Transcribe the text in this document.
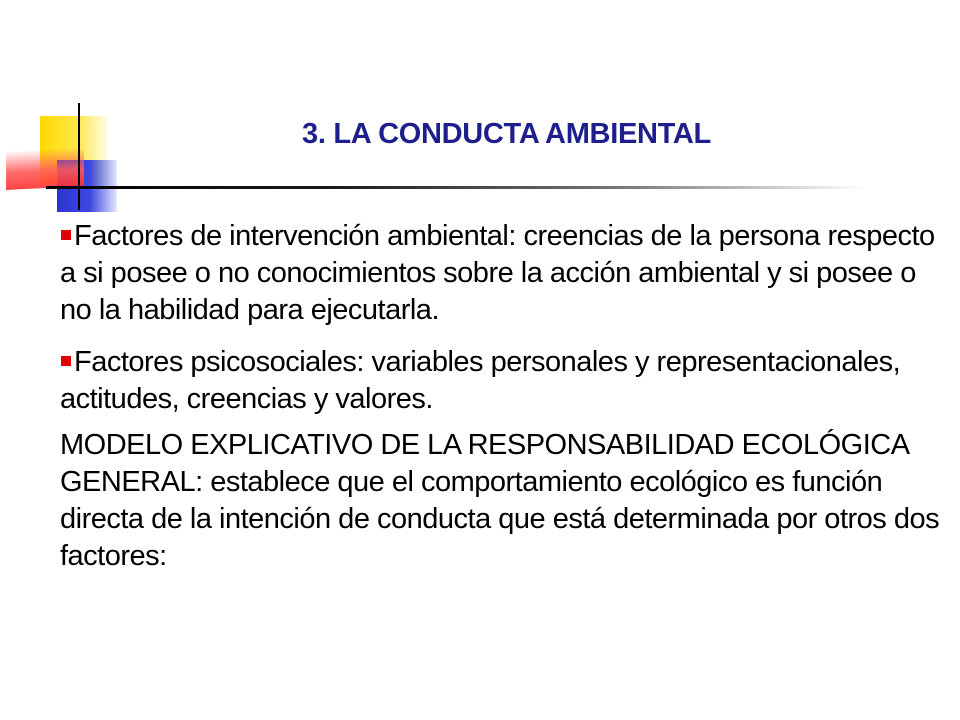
3. LA CONDUCTA AMBIENTAL

Factores de intervención ambiental: creencias de la persona respecto a si posee o no conocimientos sobre la acción ambiental y si posee o no la habilidad para ejecutarla.

Factores psicosociales: variables personales y representacionales, actitudes, creencias y valores.

MODELO EXPLICATIVO DE LA RESPONSABILIDAD ECOLÓGICA GENERAL: establece que el comportamiento ecológico es función directa de la intención de conducta que está determinada por otros dos factores:
